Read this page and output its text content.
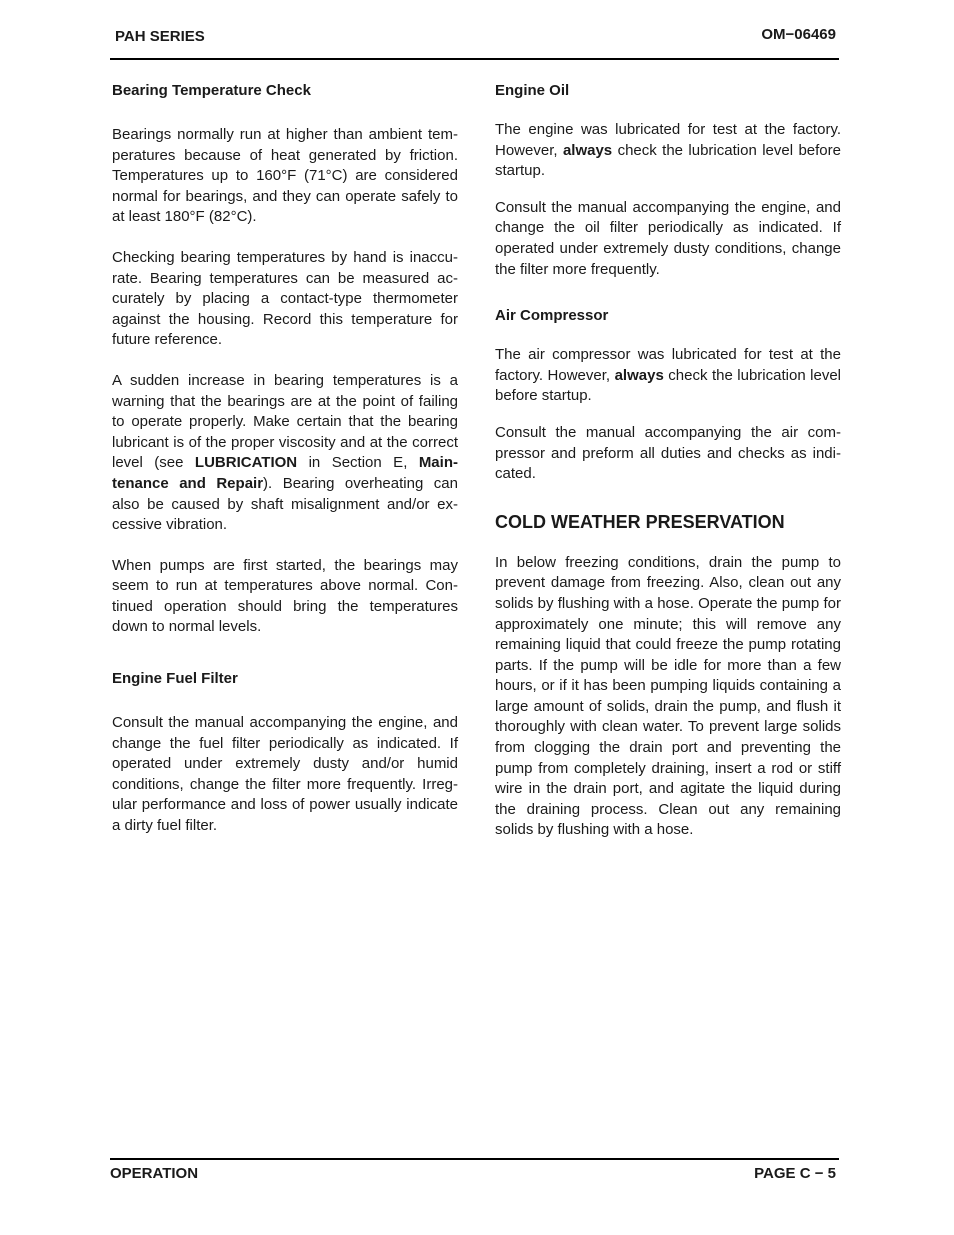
PAH SERIES	OM−06469
Bearing Temperature Check

Bearings normally run at higher than ambient temperatures because of heat generated by friction. Temperatures up to 160°F (71°C) are considered normal for bearings, and they can operate safely to at least 180°F (82°C).

Checking bearing temperatures by hand is inaccurate. Bearing temperatures can be measured accurately by placing a contact-type thermometer against the housing. Record this temperature for future reference.

A sudden increase in bearing temperatures is a warning that the bearings are at the point of failing to operate properly. Make certain that the bearing lubricant is of the proper viscosity and at the correct level (see LUBRICATION in Section E, Maintenance and Repair). Bearing overheating can also be caused by shaft misalignment and/or excessive vibration.

When pumps are first started, the bearings may seem to run at temperatures above normal. Continued operation should bring the temperatures down to normal levels.

Engine Fuel Filter

Consult the manual accompanying the engine, and change the fuel filter periodically as indicated. If operated under extremely dusty and/or humid conditions, change the filter more frequently. Irregular performance and loss of power usually indicate a dirty fuel filter.

Engine Oil

The engine was lubricated for test at the factory. However, always check the lubrication level before startup.

Consult the manual accompanying the engine, and change the oil filter periodically as indicated. If operated under extremely dusty conditions, change the filter more frequently.

Air Compressor

The air compressor was lubricated for test at the factory. However, always check the lubrication level before startup.

Consult the manual accompanying the air compressor and preform all duties and checks as indicated.

COLD WEATHER PRESERVATION

In below freezing conditions, drain the pump to prevent damage from freezing. Also, clean out any solids by flushing with a hose. Operate the pump for approximately one minute; this will remove any remaining liquid that could freeze the pump rotating parts. If the pump will be idle for more than a few hours, or if it has been pumping liquids containing a large amount of solids, drain the pump, and flush it thoroughly with clean water. To prevent large solids from clogging the drain port and preventing the pump from completely draining, insert a rod or stiff wire in the drain port, and agitate the liquid during the draining process. Clean out any remaining solids by flushing with a hose.

OPERATION	PAGE C − 5
